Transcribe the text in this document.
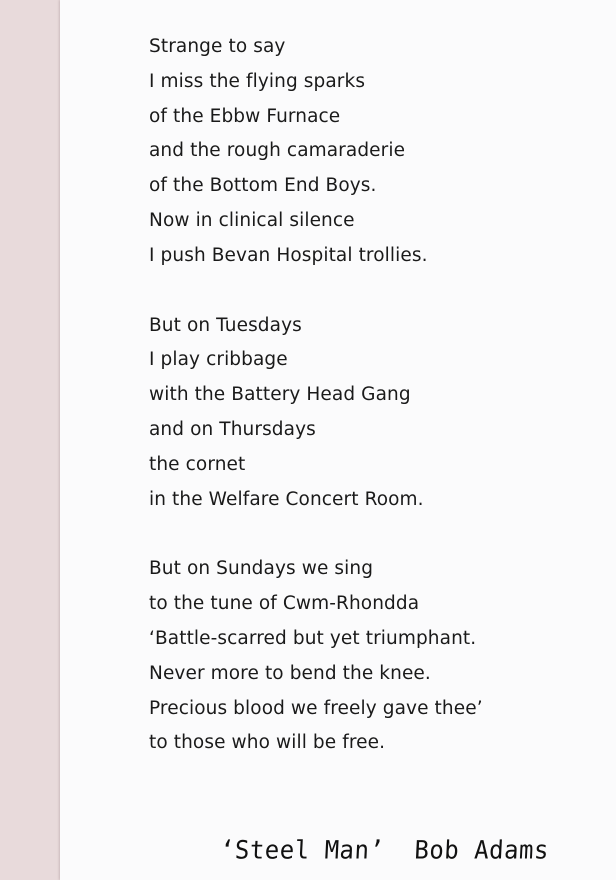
Strange to say
I miss the flying sparks
of the Ebbw Furnace
and the rough camaraderie
of the Bottom End Boys.
Now in clinical silence
I push Bevan Hospital trollies.
But on Tuesdays
I play cribbage
with the Battery Head Gang
and on Thursdays
the cornet
in the Welfare Concert Room.
But on Sundays we sing
to the tune of Cwm-Rhondda
‘Battle-scarred but yet triumphant.
Never more to bend the knee.
Precious blood we freely gave thee’
to those who will be free.
‘Steel Man’ Bob Adams
